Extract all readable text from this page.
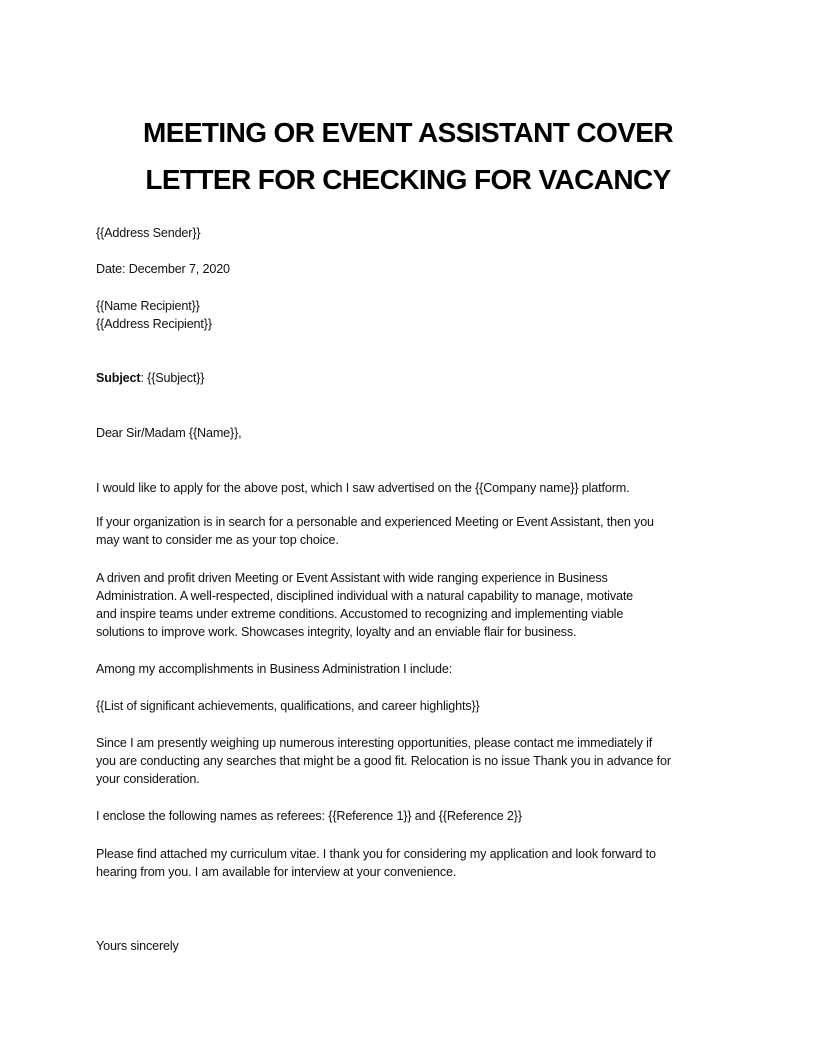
MEETING OR EVENT ASSISTANT COVER
LETTER FOR CHECKING FOR VACANCY
{{Address Sender}}
Date: December 7, 2020
{{Name Recipient}}
{{Address Recipient}}
Subject: {{Subject}}
Dear Sir/Madam {{Name}},
I would like to apply for the above post, which I saw advertised on the {{Company name}} platform.
If your organization is in search for a personable and experienced Meeting or Event Assistant, then you
may want to consider me as your top choice.
A driven and profit driven Meeting or Event Assistant with wide ranging experience in Business
Administration. A well-respected, disciplined individual with a natural capability to manage, motivate
and inspire teams under extreme conditions. Accustomed to recognizing and implementing viable
solutions to improve work. Showcases integrity, loyalty and an enviable flair for business.
Among my accomplishments in Business Administration I include:
{{List of significant achievements, qualifications, and career highlights}}
Since I am presently weighing up numerous interesting opportunities, please contact me immediately if
you are conducting any searches that might be a good fit. Relocation is no issue Thank you in advance for
your consideration.
I enclose the following names as referees: {{Reference 1}} and {{Reference 2}}
Please find attached my curriculum vitae. I thank you for considering my application and look forward to
hearing from you. I am available for interview at your convenience.
Yours sincerely
